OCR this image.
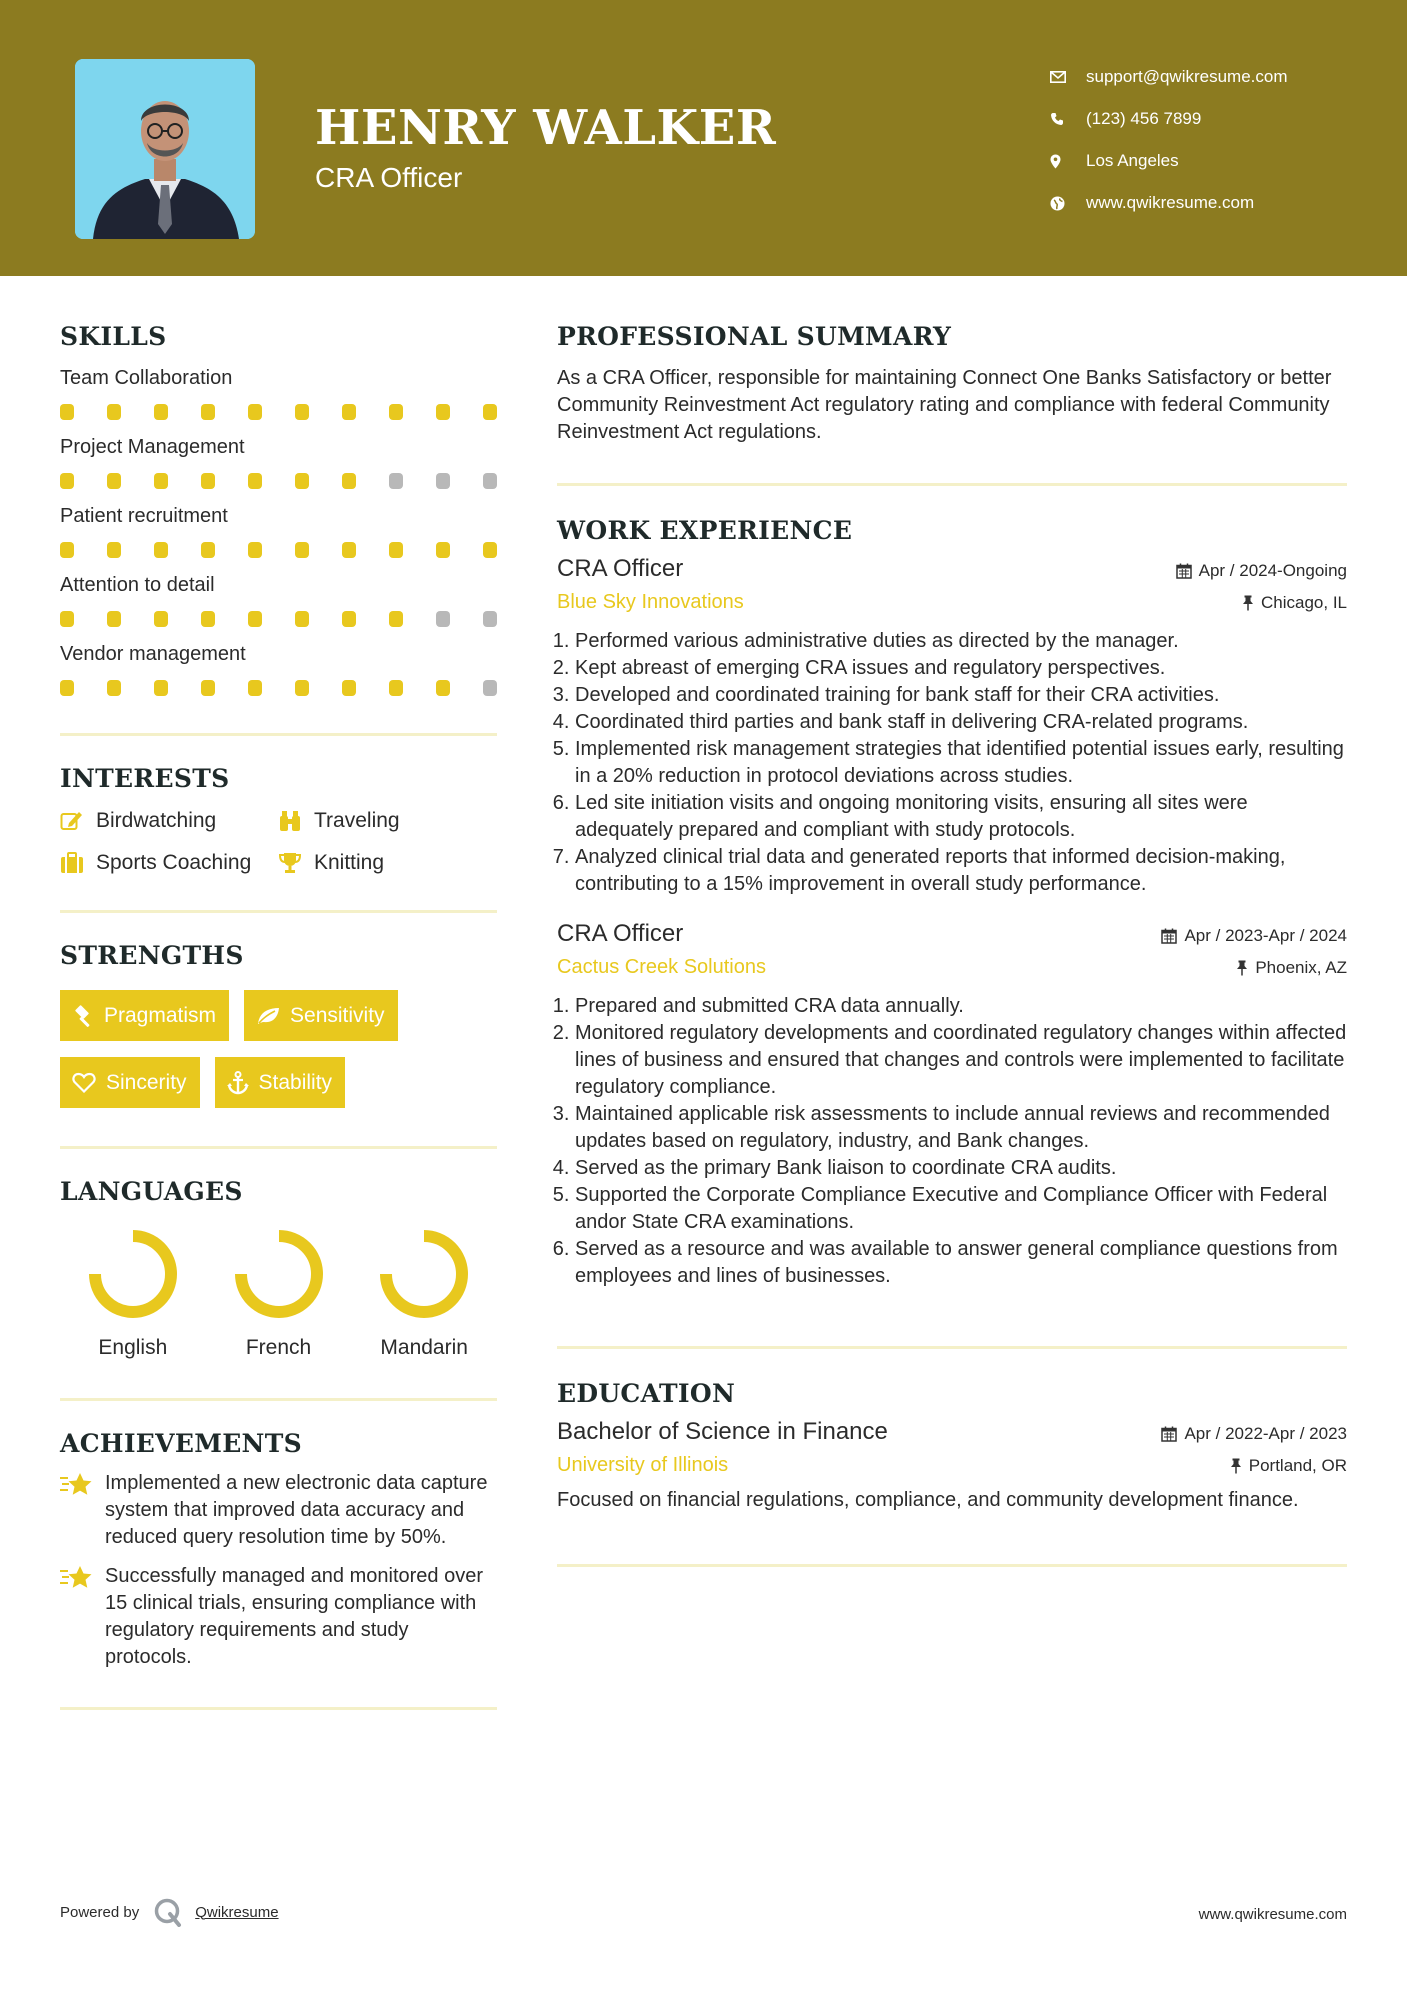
HENRY WALKER
CRA Officer
support@qwikresume.com
(123) 456 7899
Los Angeles
www.qwikresume.com
SKILLS
Team Collaboration
Project Management
Patient recruitment
Attention to detail
Vendor management
INTERESTS
Birdwatching	Traveling
Sports Coaching	Knitting
STRENGTHS
Pragmatism	Sensitivity
Sincerity	Stability
LANGUAGES
English	French	Mandarin
ACHIEVEMENTS
Implemented a new electronic data capture system that improved data accuracy and reduced query resolution time by 50%.
Successfully managed and monitored over 15 clinical trials, ensuring compliance with regulatory requirements and study protocols.
PROFESSIONAL SUMMARY
As a CRA Officer, responsible for maintaining Connect One Banks Satisfactory or better Community Reinvestment Act regulatory rating and compliance with federal Community Reinvestment Act regulations.
WORK EXPERIENCE
CRA Officer	Apr / 2024-Ongoing
Blue Sky Innovations	Chicago, IL
1. Performed various administrative duties as directed by the manager.
2. Kept abreast of emerging CRA issues and regulatory perspectives.
3. Developed and coordinated training for bank staff for their CRA activities.
4. Coordinated third parties and bank staff in delivering CRA-related programs.
5. Implemented risk management strategies that identified potential issues early, resulting in a 20% reduction in protocol deviations across studies.
6. Led site initiation visits and ongoing monitoring visits, ensuring all sites were adequately prepared and compliant with study protocols.
7. Analyzed clinical trial data and generated reports that informed decision-making, contributing to a 15% improvement in overall study performance.
CRA Officer	Apr / 2023-Apr / 2024
Cactus Creek Solutions	Phoenix, AZ
1. Prepared and submitted CRA data annually.
2. Monitored regulatory developments and coordinated regulatory changes within affected lines of business and ensured that changes and controls were implemented to facilitate regulatory compliance.
3. Maintained applicable risk assessments to include annual reviews and recommended updates based on regulatory, industry, and Bank changes.
4. Served as the primary Bank liaison to coordinate CRA audits.
5. Supported the Corporate Compliance Executive and Compliance Officer with Federal andor State CRA examinations.
6. Served as a resource and was available to answer general compliance questions from employees and lines of businesses.
EDUCATION
Bachelor of Science in Finance	Apr / 2022-Apr / 2023
University of Illinois	Portland, OR
Focused on financial regulations, compliance, and community development finance.
Powered by	Qwikresume	www.qwikresume.com
